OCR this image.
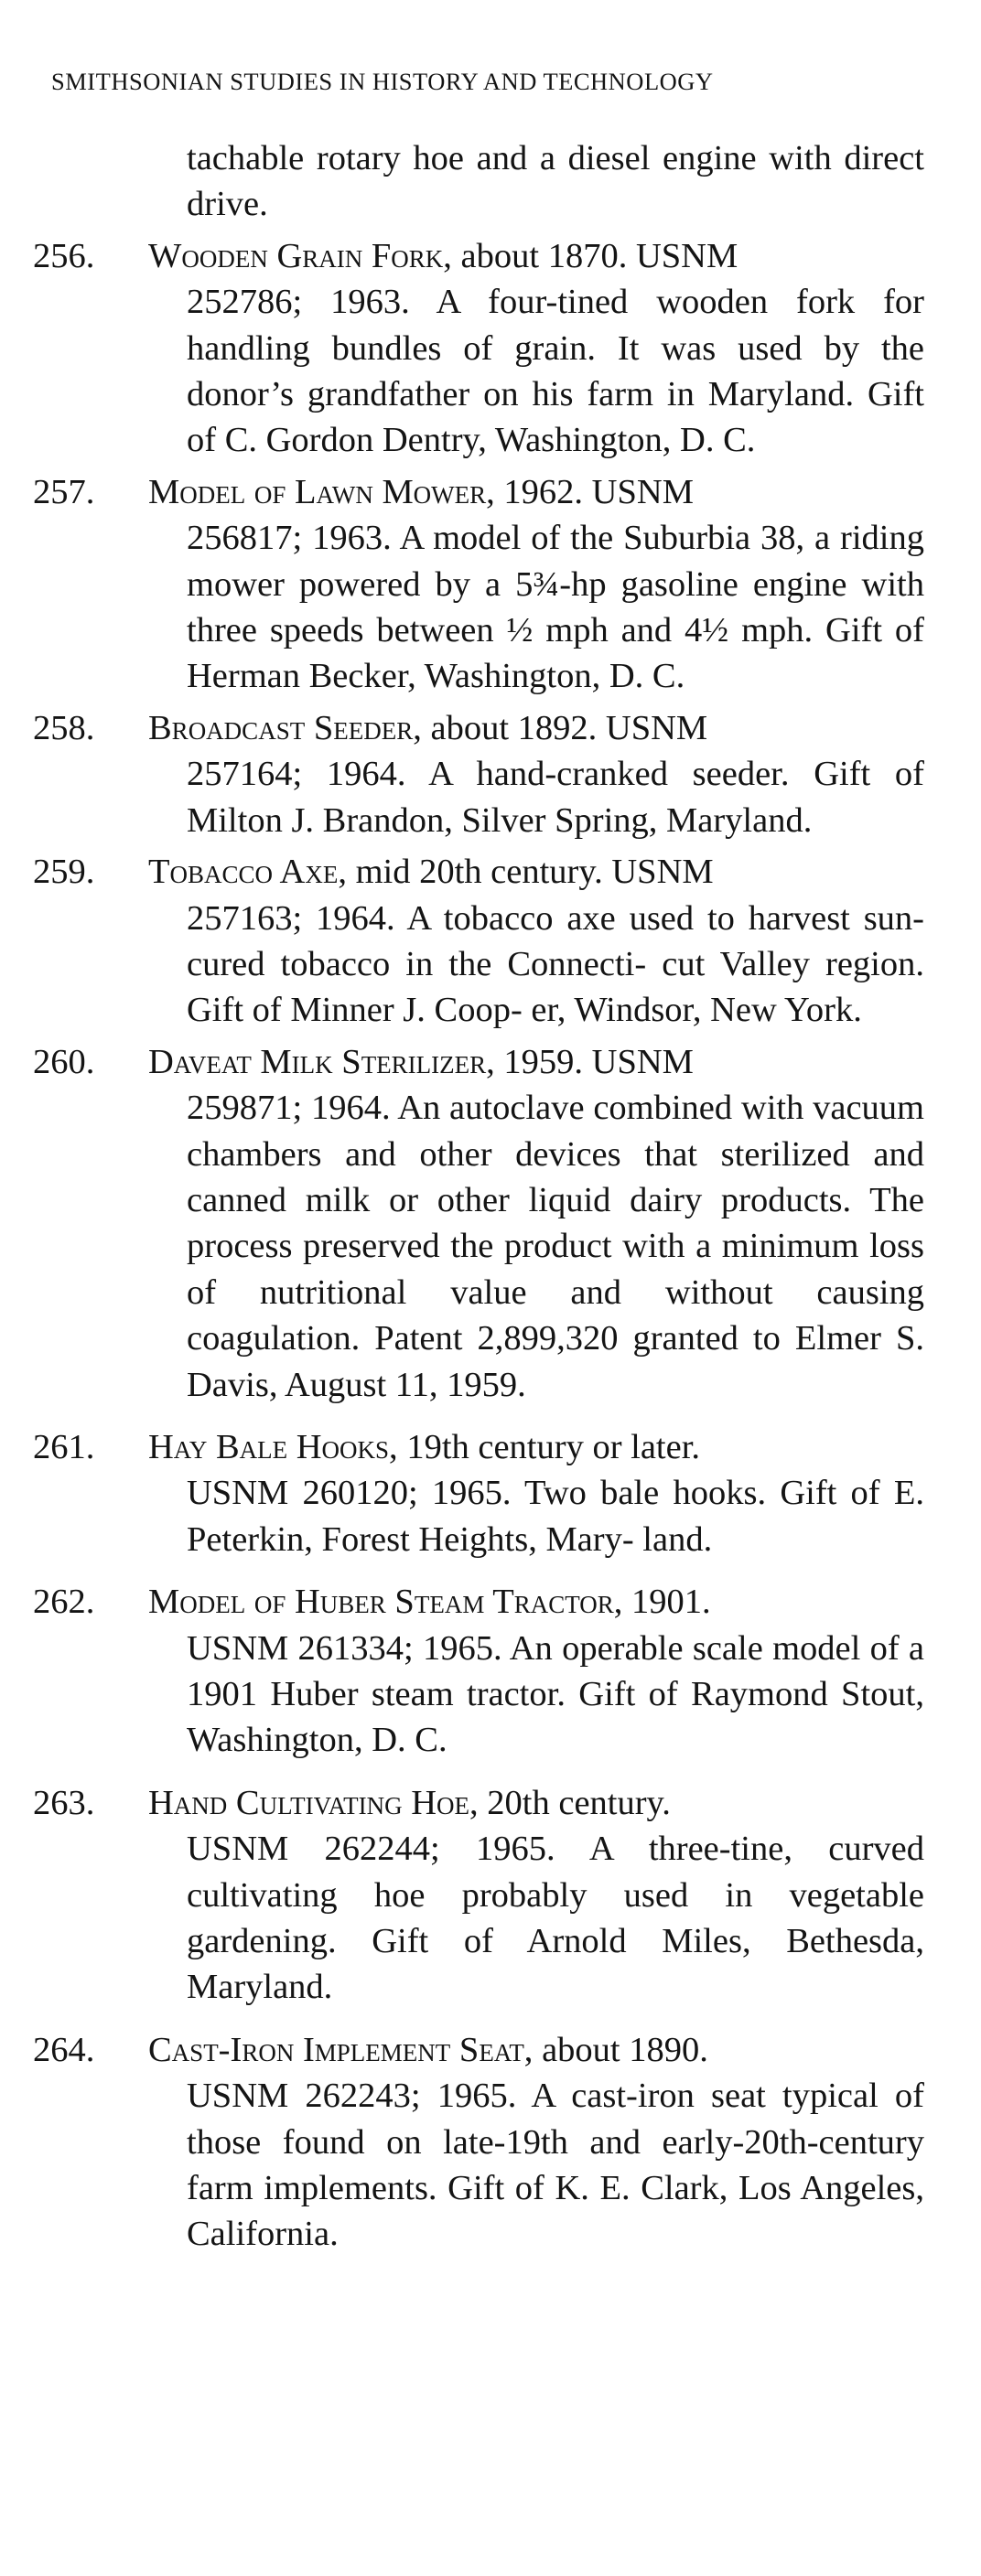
SMITHSONIAN STUDIES IN HISTORY AND TECHNOLOGY
tachable rotary hoe and a diesel engine with direct drive.
256. Wooden Grain Fork, about 1870. USNM
252786; 1963. A four-tined wooden fork for handling bundles of grain. It was used by the donor’s grandfather on his farm in Maryland. Gift of C. Gordon Dentry, Washington, D. C.
257. Model of Lawn Mower, 1962. USNM
256817; 1963. A model of the Suburbia 38, a riding mower powered by a 5¾-hp gasoline engine with three speeds between ½ mph and 4½ mph. Gift of Herman Becker, Washington, D. C.
258. Broadcast Seeder, about 1892. USNM
257164; 1964. A hand-cranked seeder. Gift of Milton J. Brandon, Silver Spring, Maryland.
259. Tobacco Axe, mid 20th century. USNM
257163; 1964. A tobacco axe used to harvest sun-cured tobacco in the Connecti- cut Valley region. Gift of Minner J. Coop- er, Windsor, New York.
260. Daveat Milk Sterilizer, 1959. USNM
259871; 1964. An autoclave combined with vacuum chambers and other devices that sterilized and canned milk or other liquid dairy products. The process preserved the product with a minimum loss of nutritional value and without causing coagulation. Patent 2,899,320 granted to Elmer S. Davis, August 11, 1959.
261. Hay Bale Hooks, 19th century or later.
USNM 260120; 1965. Two bale hooks. Gift of E. Peterkin, Forest Heights, Mary- land.
262. Model of Huber Steam Tractor, 1901.
USNM 261334; 1965. An operable scale model of a 1901 Huber steam tractor. Gift of Raymond Stout, Washington, D. C.
263. Hand Cultivating Hoe, 20th century.
USNM 262244; 1965. A three-tine, curved cultivating hoe probably used in vegetable gardening. Gift of Arnold Miles, Bethesda, Maryland.
264. Cast-Iron Implement Seat, about 1890.
USNM 262243; 1965. A cast-iron seat typical of those found on late-19th and early-20th-century farm implements. Gift of K. E. Clark, Los Angeles, California.
